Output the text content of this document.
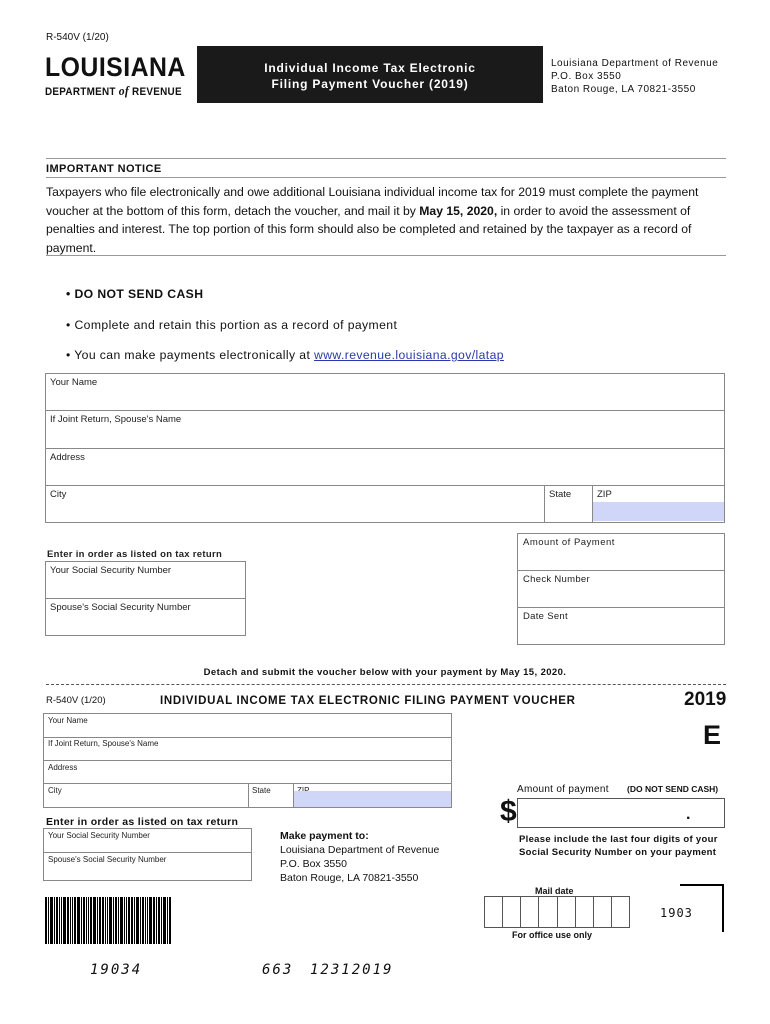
R-540V (1/20)
LOUISIANA
DEPARTMENT of REVENUE
Individual Income Tax Electronic
Filing Payment Voucher (2019)
Louisiana Department of Revenue
P.O. Box 3550
Baton Rouge, LA 70821-3550
IMPORTANT NOTICE
Taxpayers who file electronically and owe additional Louisiana individual income tax for 2019 must complete the payment voucher at the bottom of this form, detach the voucher, and mail it by May 15, 2020, in order to avoid the assessment of penalties and interest. The top portion of this form should also be completed and retained by the taxpayer as a record of payment.
• DO NOT SEND CASH
• Complete and retain this portion as a record of payment
• You can make payments electronically at www.revenue.louisiana.gov/latap
Your Name
If Joint Return, Spouse's Name
Address
City	State	ZIP
Enter in order as listed on tax return
Your Social Security Number
Spouse's Social Security Number
Amount of Payment
Check Number
Date Sent
Detach and submit the voucher below with your payment by May 15, 2020.
R-540V (1/20)	INDIVIDUAL INCOME TAX ELECTRONIC FILING PAYMENT VOUCHER	2019
E
Your Name
If Joint Return, Spouse's Name
Address
City	State
Enter in order as listed on tax return
Your Social Security Number
Spouse's Social Security Number
Make payment to:
Louisiana Department of Revenue
P.O. Box 3550
Baton Rouge, LA 70821-3550
Amount of payment (DO NOT SEND CASH)
$	.
Please include the last four digits of your Social Security Number on your payment
Mail date
For office use only
1903
19034	663 12312019
